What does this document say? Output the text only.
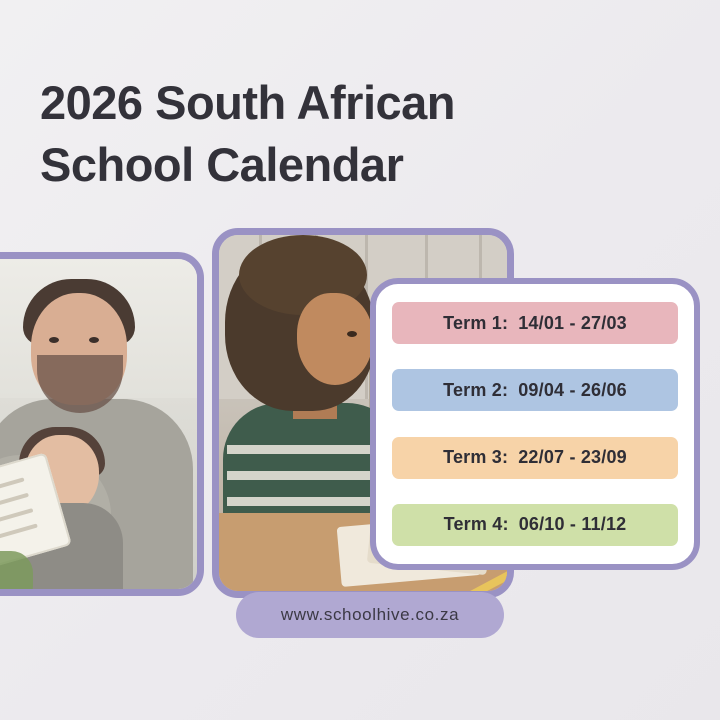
2026 South African
School Calendar
Term 1: 14/01 - 27/03
Term 2: 09/04 - 26/06
Term 3: 22/07 - 23/09
Term 4: 06/10 - 11/12
www.schoolhive.co.za
